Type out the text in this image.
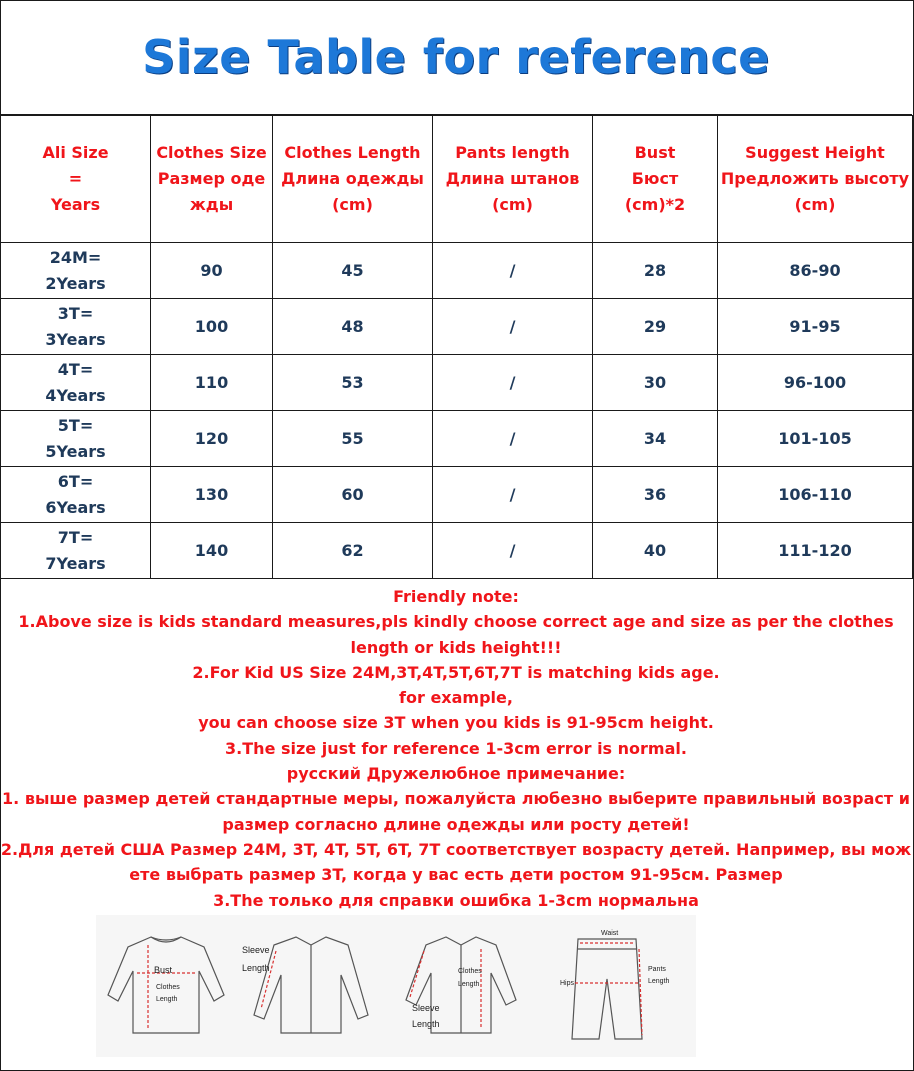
Size Table for reference
Ali Size
=
Years	Clothes Size
Размер оде
жды	Clothes Length
Длина одежды
(cm)	Pants length
Длина штанов
(cm)	Bust
Бюст
(cm)*2	Suggest Height
Предложить высоту
(cm)

24M=
2Years	90	45	/	28	86-90

3T=
3Years	100	48	/	29	91-95

4T=
4Years	110	53	/	30	96-100

5T=
5Years	120	55	/	34	101-105

6T=
6Years	130	60	/	36	106-110

7T=
7Years	140	62	/	40	111-120
Friendly note:
1.Above size is kids standard measures,pls kindly choose correct age and size as per the clothes
length or kids height!!!
2.For Kid US Size 24M,3T,4T,5T,6T,7T is matching kids age.
for example,
you can choose size 3T when you kids is 91-95cm height.
3.The size just for reference 1-3cm error is normal.
русский Дружелюбное примечание:
1. выше размер детей стандартные меры, пожалуйста любезно выберите правильный возраст и
размер согласно длине одежды или росту детей!
2.Для детей США Размер 24M, 3T, 4T, 5T, 6T, 7T соответствует возрасту детей. Например, вы мож
ете выбрать размер 3T, когда у вас есть дети ростом 91-95см. Размер
3.The только для справки ошибка 1-3cm нормальна
Bust
Clothes
Length
Sleeve
Length	Clothes
Length
Sleeve
Length
Waist
Hips
Pants
Length
